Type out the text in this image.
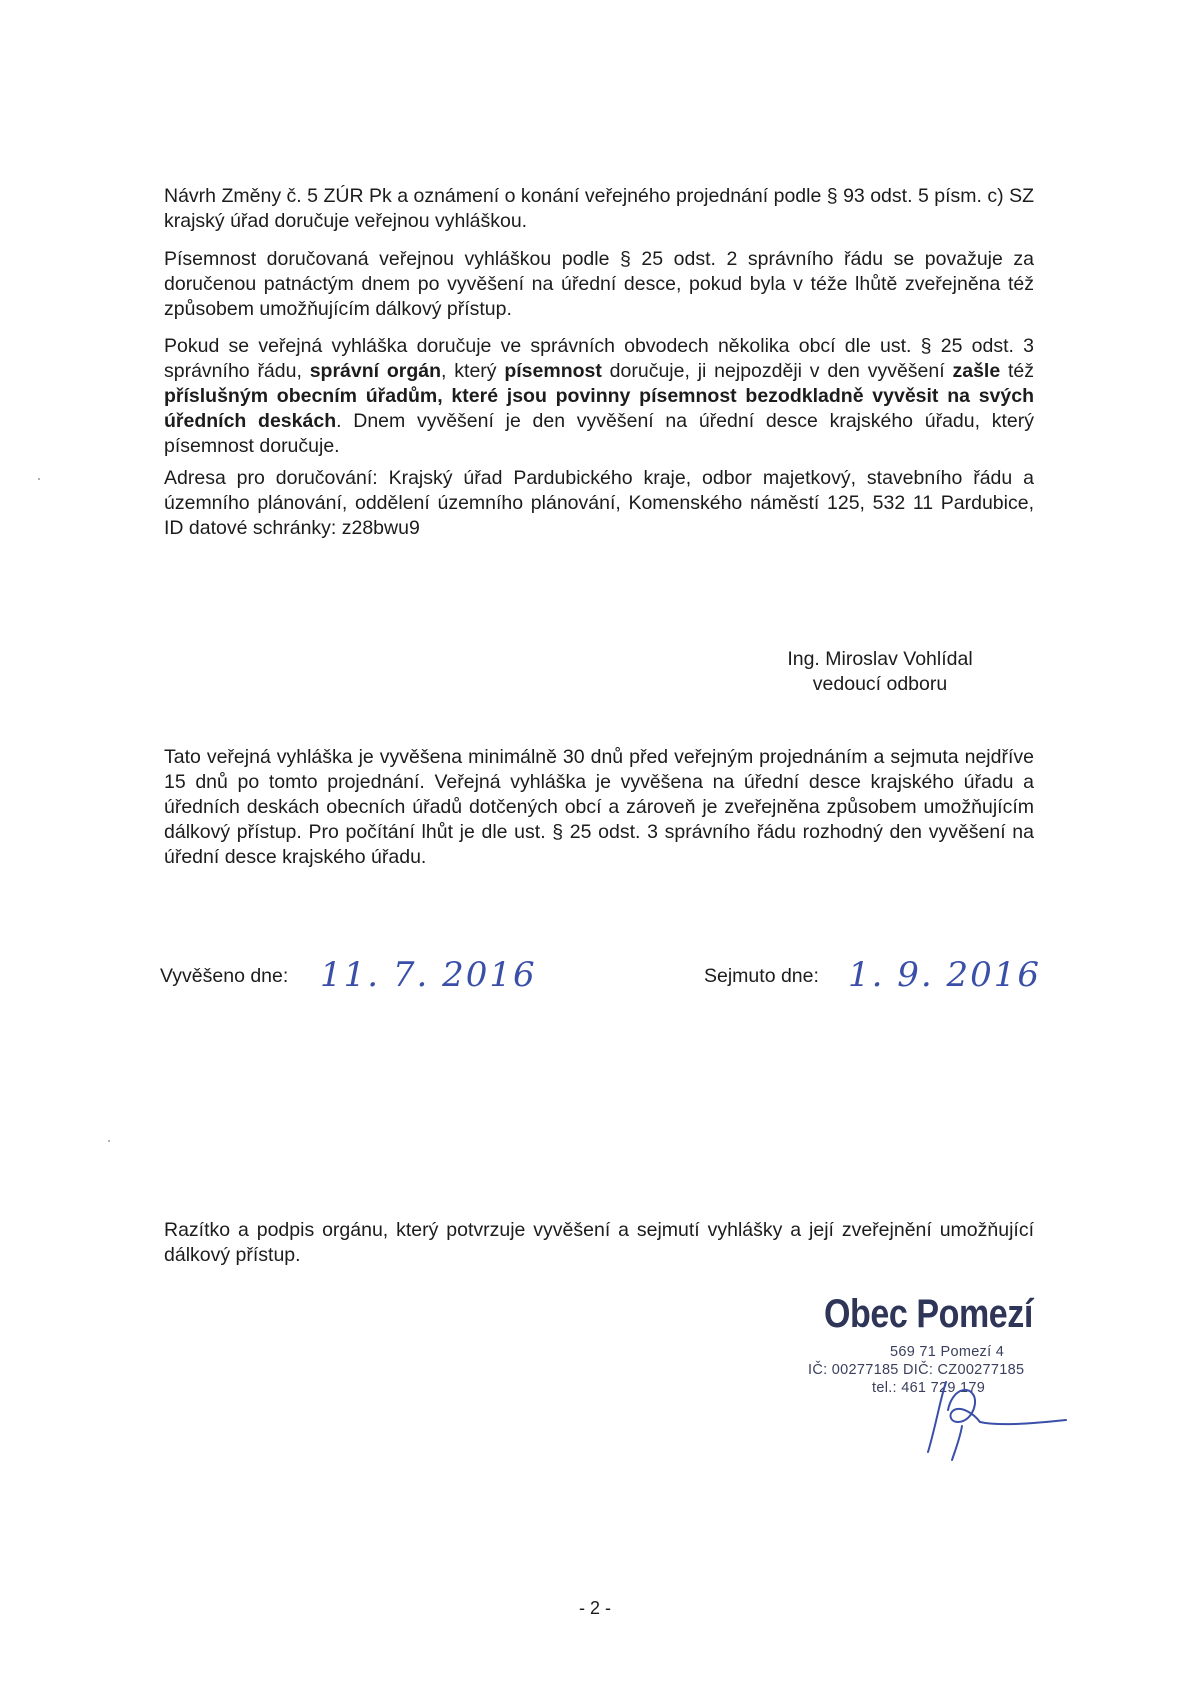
Návrh Změny č. 5 ZÚR Pk a oznámení o konání veřejného projednání podle § 93 odst. 5 písm. c) SZ krajský úřad doručuje veřejnou vyhláškou.

Písemnost doručovaná veřejnou vyhláškou podle § 25 odst. 2 správního řádu se považuje za doručenou patnáctým dnem po vyvěšení na úřední desce, pokud byla v téže lhůtě zveřejněna též způsobem umožňujícím dálkový přístup.

Pokud se veřejná vyhláška doručuje ve správních obvodech několika obcí dle ust. § 25 odst. 3 správního řádu, správní orgán, který písemnost doručuje, ji nejpozději v den vyvěšení zašle též příslušným obecním úřadům, které jsou povinny písemnost bezodkladně vyvěsit na svých úředních deskách. Dnem vyvěšení je den vyvěšení na úřední desce krajského úřadu, který písemnost doručuje.

Adresa pro doručování: Krajský úřad Pardubického kraje, odbor majetkový, stavebního řádu a územního plánování, oddělení územního plánování, Komenského náměstí 125, 532 11 Pardubice, ID datové schránky: z28bwu9

Ing. Miroslav Vohlídal
vedoucí odboru

Tato veřejná vyhláška je vyvěšena minimálně 30 dnů před veřejným projednáním a sejmuta nejdříve 15 dnů po tomto projednání. Veřejná vyhláška je vyvěšena na úřední desce krajského úřadu a úředních deskách obecních úřadů dotčených obcí a zároveň je zveřejněna způsobem umožňujícím dálkový přístup. Pro počítání lhůt je dle ust. § 25 odst. 3 správního řádu rozhodný den vyvěšení na úřední desce krajského úřadu.

Vyvěšeno dne: 11. 7. 2016	Sejmuto dne: 1. 9. 2016

Razítko a podpis orgánu, který potvrzuje vyvěšení a sejmutí vyhlášky a její zveřejnění umožňující dálkový přístup.

Obec Pomezí
569 71 Pomezí 4
IČ: 00277185 DIČ: CZ00277185
tel.: 461 729 179
- 2 -
